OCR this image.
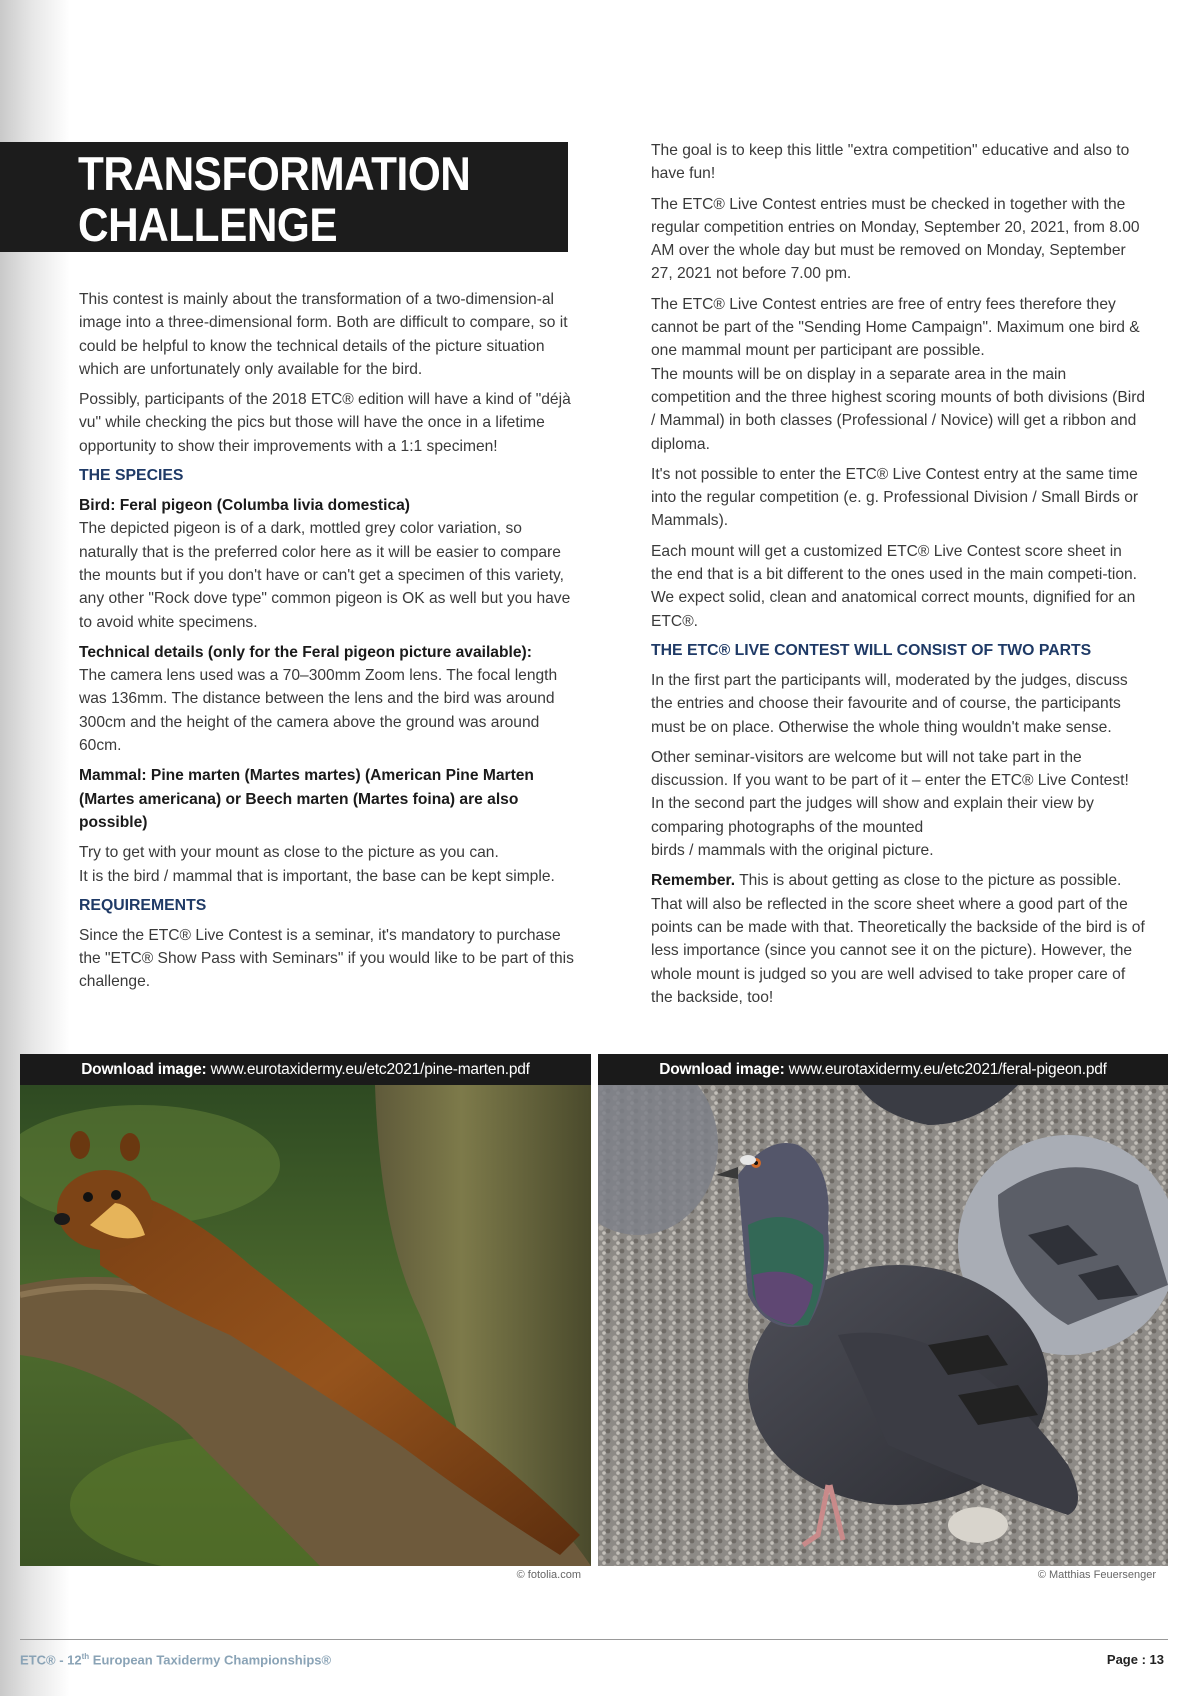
TRANSFORMATION
CHALLENGE

This contest is mainly about the transformation of a two-dimension-al image into a three-dimensional form. Both are difficult to compare, so it could be helpful to know the technical details of the picture situation which are unfortunately only available for the bird.

Possibly, participants of the 2018 ETC® edition will have a kind of "déjà vu" while checking the pics but those will have the once in a lifetime opportunity to show their improvements with a 1:1 specimen!

THE SPECIES

Bird: Feral pigeon (Columba livia domestica)
The depicted pigeon is of a dark, mottled grey color variation, so naturally that is the preferred color here as it will be easier to compare the mounts but if you don't have or can't get a specimen of this variety, any other "Rock dove type" common pigeon is OK as well but you have to avoid white specimens.

Technical details (only for the Feral pigeon picture available):
The camera lens used was a 70–300mm Zoom lens. The focal length was 136mm. The distance between the lens and the bird was around 300cm and the height of the camera above the ground was around 60cm.

Mammal: Pine marten (Martes martes) (American Pine Marten (Martes americana) or Beech marten (Martes foina) are also possible)

Try to get with your mount as close to the picture as you can.
It is the bird / mammal that is important, the base can be kept simple.

REQUIREMENTS

Since the ETC® Live Contest is a seminar, it's mandatory to purchase the "ETC® Show Pass with Seminars" if you would like to be part of this challenge.

The goal is to keep this little "extra competition" educative and also to have fun!

The ETC® Live Contest entries must be checked in together with the regular competition entries on Monday, September 20, 2021, from 8.00 AM over the whole day but must be removed on Monday, September 27, 2021 not before 7.00 pm.

The ETC® Live Contest entries are free of entry fees therefore they cannot be part of the "Sending Home Campaign". Maximum one bird & one mammal mount per participant are possible.
The mounts will be on display in a separate area in the main competition and the three highest scoring mounts of both divisions (Bird / Mammal) in both classes (Professional / Novice) will get a ribbon and diploma.

It's not possible to enter the ETC® Live Contest entry at the same time into the regular competition (e. g. Professional Division / Small Birds or Mammals).

Each mount will get a customized ETC® Live Contest score sheet in the end that is a bit different to the ones used in the main competi-tion. We expect solid, clean and anatomical correct mounts, dignified for an ETC®.

THE ETC® LIVE CONTEST WILL CONSIST OF TWO PARTS

In the first part the participants will, moderated by the judges, discuss the entries and choose their favourite and of course, the participants must be on place. Otherwise the whole thing wouldn't make sense.

Other seminar-visitors are welcome but will not take part in the discussion. If you want to be part of it – enter the ETC® Live Contest!
In the second part the judges will show and explain their view by comparing photographs of the mounted
birds / mammals with the original picture.

Remember. This is about getting as close to the picture as possible. That will also be reflected in the score sheet where a good part of the points can be made with that. Theoretically the backside of the bird is of less importance (since you cannot see it on the picture). However, the whole mount is judged so you are well advised to take proper care of the backside, too!

Download image: www.eurotaxidermy.eu/etc2021/pine-marten.pdf
© fotolia.com
Download image: www.eurotaxidermy.eu/etc2021/feral-pigeon.pdf
© Matthias Feuersenger
ETC® - 12th European Taxidermy Championships®	Page : 13
